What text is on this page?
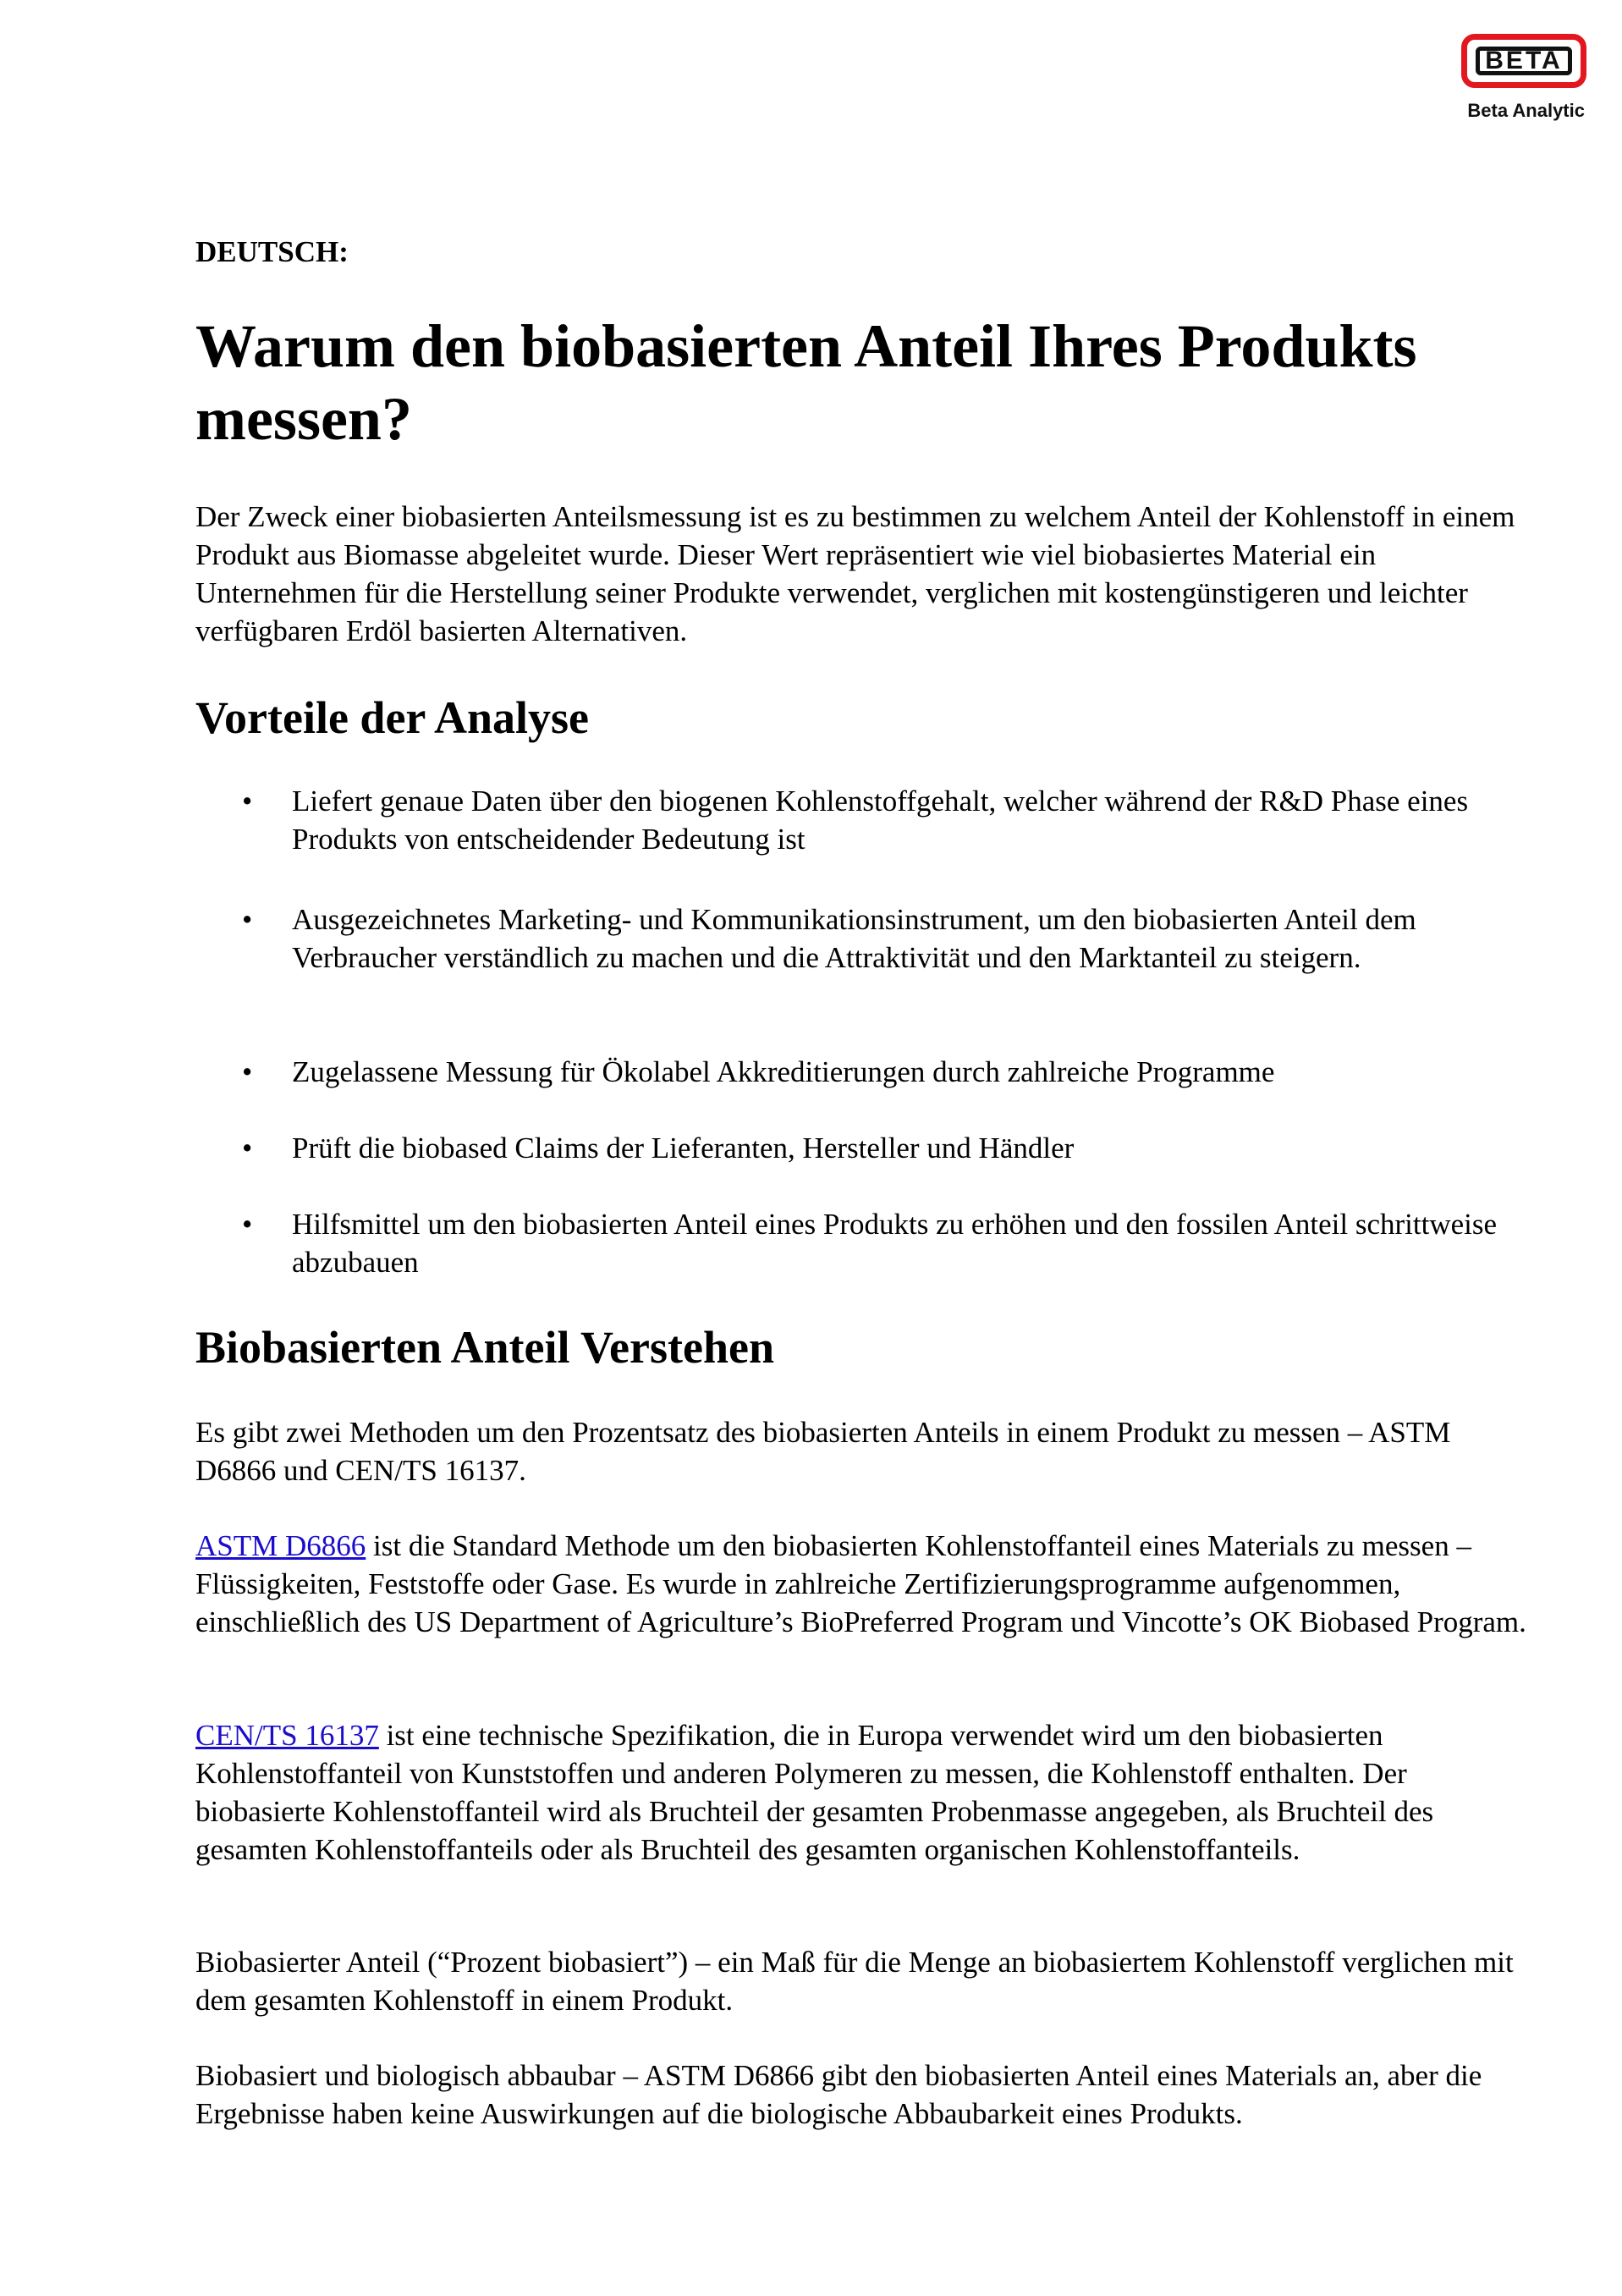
BETA
Beta Analytic

DEUTSCH:

Warum den biobasierten Anteil Ihres Produkts messen?

Der Zweck einer biobasierten Anteilsmessung ist es zu bestimmen zu welchem Anteil der Kohlenstoff in einem Produkt aus Biomasse abgeleitet wurde. Dieser Wert repräsentiert wie viel biobasiertes Material ein Unternehmen für die Herstellung seiner Produkte verwendet, verglichen mit kostengünstigeren und leichter verfügbaren Erdöl basierten Alternativen.

Vorteile der Analyse
• Liefert genaue Daten über den biogenen Kohlenstoffgehalt, welcher während der R&D Phase eines Produkts von entscheidender Bedeutung ist
• Ausgezeichnetes Marketing- und Kommunikationsinstrument, um den biobasierten Anteil dem Verbraucher verständlich zu machen und die Attraktivität und den Marktanteil zu steigern.
• Zugelassene Messung für Ökolabel Akkreditierungen durch zahlreiche Programme
• Prüft die biobased Claims der Lieferanten, Hersteller und Händler
• Hilfsmittel um den biobasierten Anteil eines Produkts zu erhöhen und den fossilen Anteil schrittweise abzubauen
Biobasierten Anteil Verstehen

Es gibt zwei Methoden um den Prozentsatz des biobasierten Anteils in einem Produkt zu messen – ASTM D6866 und CEN/TS 16137.

ASTM D6866 ist die Standard Methode um den biobasierten Kohlenstoffanteil eines Materials zu messen – Flüssigkeiten, Feststoffe oder Gase. Es wurde in zahlreiche Zertifizierungsprogramme aufgenommen, einschließlich des US Department of Agriculture’s BioPreferred Program und Vincotte’s OK Biobased Program.

CEN/TS 16137 ist eine technische Spezifikation, die in Europa verwendet wird um den biobasierten Kohlenstoffanteil von Kunststoffen und anderen Polymeren zu messen, die Kohlenstoff enthalten. Der biobasierte Kohlenstoffanteil wird als Bruchteil der gesamten Probenmasse angegeben, als Bruchteil des gesamten Kohlenstoffanteils oder als Bruchteil des gesamten organischen Kohlenstoffanteils.

Biobasierter Anteil (“Prozent biobasiert”) – ein Maß für die Menge an biobasiertem Kohlenstoff verglichen mit dem gesamten Kohlenstoff in einem Produkt.

Biobasiert und biologisch abbaubar – ASTM D6866 gibt den biobasierten Anteil eines Materials an, aber die Ergebnisse haben keine Auswirkungen auf die biologische Abbaubarkeit eines Produkts.
